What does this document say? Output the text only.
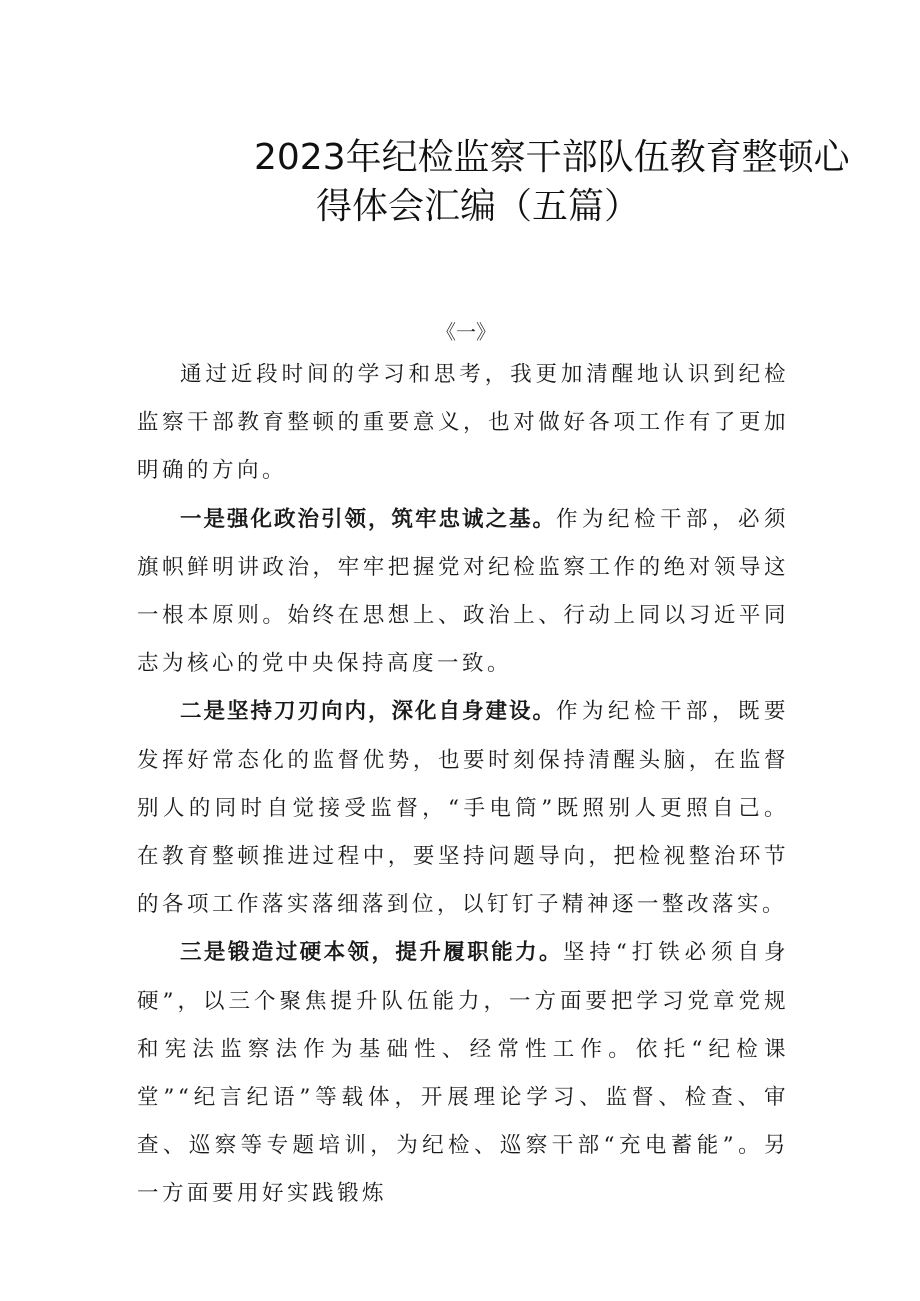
2023年纪检监察干部队伍教育整顿心
得体会汇编（五篇）
《一》

通过近段时间的学习和思考，我更加清醒地认识到纪检监察干部教育整顿的重要意义，也对做好各项工作有了更加明确的方向。

一是强化政治引领，筑牢忠诚之基。作为纪检干部，必须旗帜鲜明讲政治，牢牢把握党对纪检监察工作的绝对领导这一根本原则。始终在思想上、政治上、行动上同以习近平同志为核心的党中央保持高度一致。

二是坚持刀刃向内，深化自身建设。作为纪检干部，既要发挥好常态化的监督优势，也要时刻保持清醒头脑，在监督别人的同时自觉接受监督，“手电筒”既照别人更照自己。在教育整顿推进过程中，要坚持问题导向，把检视整治环节的各项工作落实落细落到位，以钉钉子精神逐一整改落实。

三是锻造过硬本领，提升履职能力。坚持“打铁必须自身硬”，以三个聚焦提升队伍能力，一方面要把学习党章党规和宪法监察法作为基础性、经常性工作。依托“纪检课堂”“纪言纪语”等载体，开展理论学习、监督、检查、审查、巡察等专题培训，为纪检、巡察干部“充电蓄能”。另一方面要用好实践锻炼
